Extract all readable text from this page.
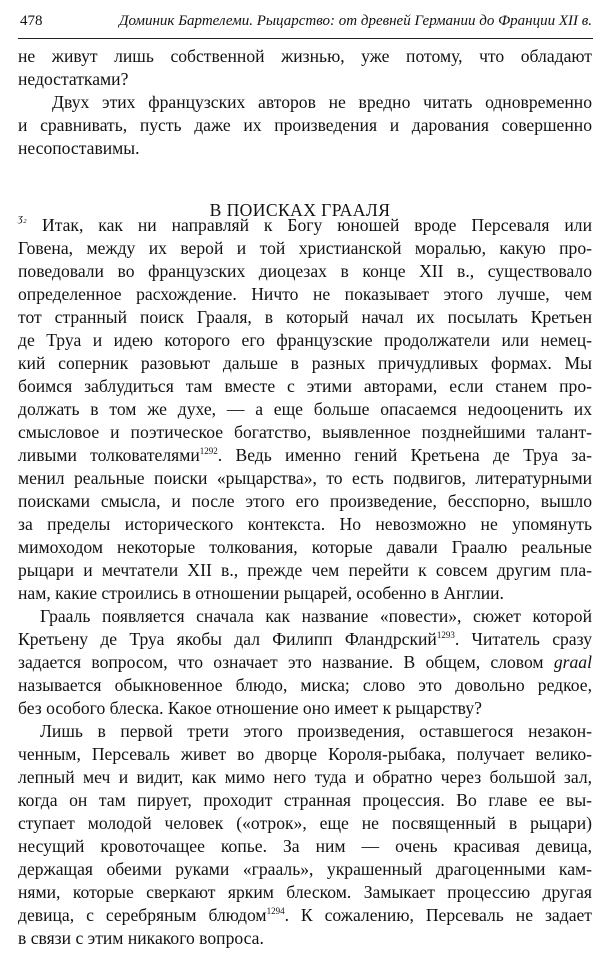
478	Доминик Бартелеми. Рыцарство: от древней Германии до Франции XII в.

не живут лишь собственной жизнью, уже потому, что обладают
недостатками?

Двух этих французских авторов не вредно читать одновременно
и сравнивать, пусть даже их произведения и дарования совершенно
несопоставимы.

В ПОИСКАХ ГРААЛЯ
ʒ₂ Итак, как ни направляй к Богу юношей вроде Персеваля или
Говена, между их верой и той христианской моралью, какую про-
поведовали во французских диоцезах в конце XII в., существовало
определенное расхождение. Ничто не показывает этого лучше, чем
тот странный поиск Грааля, в который начал их посылать Кретьен
де Труа и идею которого его французские продолжатели или немец-
кий соперник разовьют дальше в разных причудливых формах. Мы
боимся заблудиться там вместе с этими авторами, если станем про-
должать в том же духе, — а еще больше опасаемся недооценить их
смысловое и поэтическое богатство, выявленное позднейшими талант-
ливыми толкователями$^{1292}$. Ведь именно гений Кретьена де Труа за-
менил реальные поиски «рыцарства», то есть подвигов, литературными
поисками смысла, и после этого его произведение, бесспорно, вышло
за пределы исторического контекста. Но невозможно не упомянуть
мимоходом некоторые толкования, которые давали Граалю реальные
рыцари и мечтатели XII в., прежде чем перейти к совсем другим пла-
нам, какие строились в отношении рыцарей, особенно в Англии.

Грааль появляется сначала как название «повести», сюжет которой
Кретьену де Труа якобы дал Филипп Фландрский$^{1293}$. Читатель сразу
задается вопросом, что означает это название. В общем, словом graal
называется обыкновенное блюдо, миска; слово это довольно редкое,
без особого блеска. Какое отношение оно имеет к рыцарству?

Лишь в первой трети этого произведения, оставшегося незакон-
ченным, Персеваль живет во дворце Короля-рыбака, получает велико-
лепный меч и видит, как мимо него туда и обратно через большой зал,
когда он там пирует, проходит странная процессия. Во главе ее вы-
ступает молодой человек («отрок», еще не посвященный в рыцари)
несущий кровоточащее копье. За ним — очень красивая девица,
держащая обеими руками «грааль», украшенный драгоценными кам-
нями, которые сверкают ярким блеском. Замыкает процессию другая
девица, с серебряным блюдом$^{1294}$. К сожалению, Персеваль не задает
в связи с этим никакого вопроса.
